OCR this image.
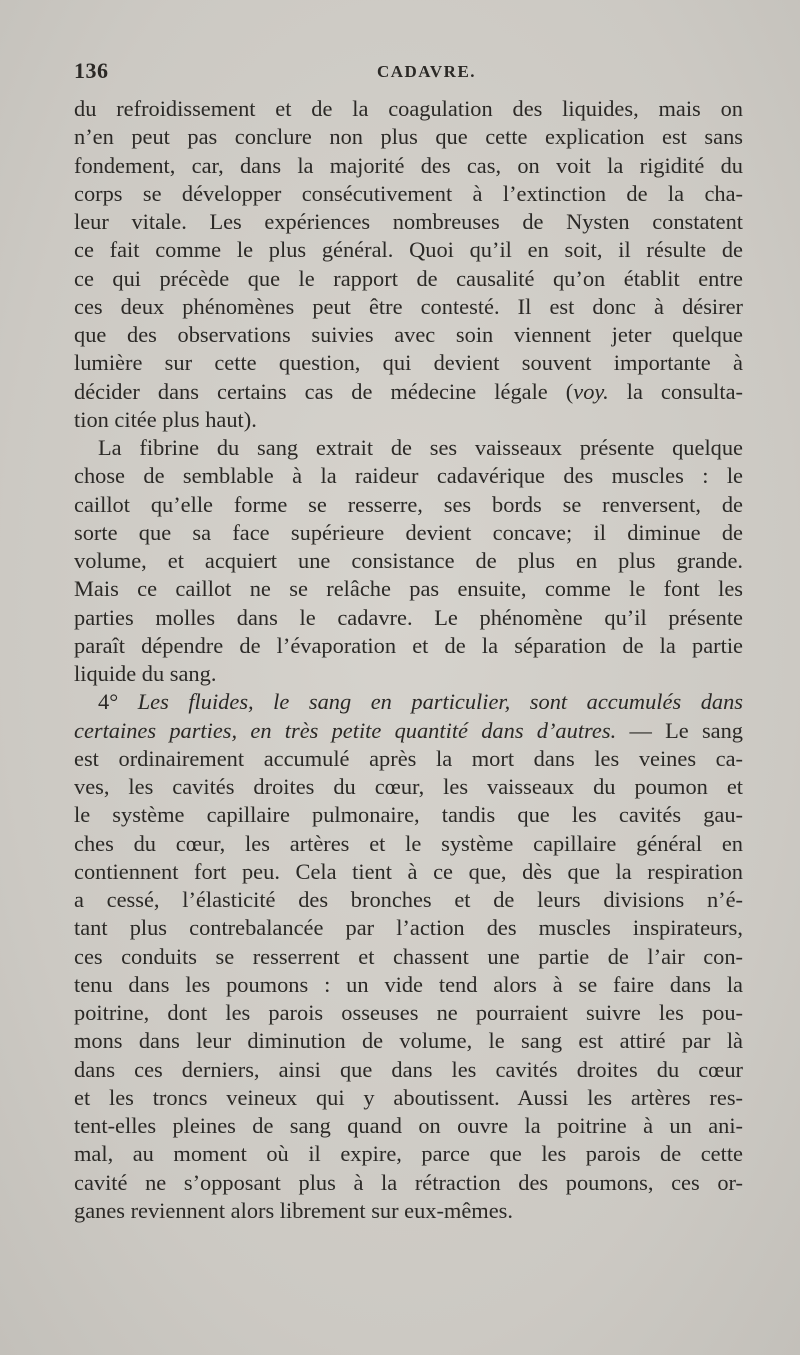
136	CADAVRE.
du refroidissement et de la coagulation des liquides, mais on
n’en peut pas conclure non plus que cette explication est sans
fondement, car, dans la majorité des cas, on voit la rigidité du
corps se développer consécutivement à l’extinction de la cha-
leur vitale. Les expériences nombreuses de Nysten constatent
ce fait comme le plus général. Quoi qu’il en soit, il résulte de
ce qui précède que le rapport de causalité qu’on établit entre
ces deux phénomènes peut être contesté. Il est donc à désirer
que des observations suivies avec soin viennent jeter quelque
lumière sur cette question, qui devient souvent importante à
décider dans certains cas de médecine légale (voy. la consulta-
tion citée plus haut).
La fibrine du sang extrait de ses vaisseaux présente quelque
chose de semblable à la raideur cadavérique des muscles : le
caillot qu’elle forme se resserre, ses bords se renversent, de
sorte que sa face supérieure devient concave; il diminue de
volume, et acquiert une consistance de plus en plus grande.
Mais ce caillot ne se relâche pas ensuite, comme le font les
parties molles dans le cadavre. Le phénomène qu’il présente
paraît dépendre de l’évaporation et de la séparation de la partie
liquide du sang.
4° Les fluides, le sang en particulier, sont accumulés dans
certaines parties, en très petite quantité dans d’autres. — Le sang
est ordinairement accumulé après la mort dans les veines ca-
ves, les cavités droites du cœur, les vaisseaux du poumon et
le système capillaire pulmonaire, tandis que les cavités gau-
ches du cœur, les artères et le système capillaire général en
contiennent fort peu. Cela tient à ce que, dès que la respiration
a cessé, l’élasticité des bronches et de leurs divisions n’é-
tant plus contrebalancée par l’action des muscles inspirateurs,
ces conduits se resserrent et chassent une partie de l’air con-
tenu dans les poumons : un vide tend alors à se faire dans la
poitrine, dont les parois osseuses ne pourraient suivre les pou-
mons dans leur diminution de volume, le sang est attiré par là
dans ces derniers, ainsi que dans les cavités droites du cœur
et les troncs veineux qui y aboutissent. Aussi les artères res-
tent-elles pleines de sang quand on ouvre la poitrine à un ani-
mal, au moment où il expire, parce que les parois de cette
cavité ne s’opposant plus à la rétraction des poumons, ces or-
ganes reviennent alors librement sur eux-mêmes.
